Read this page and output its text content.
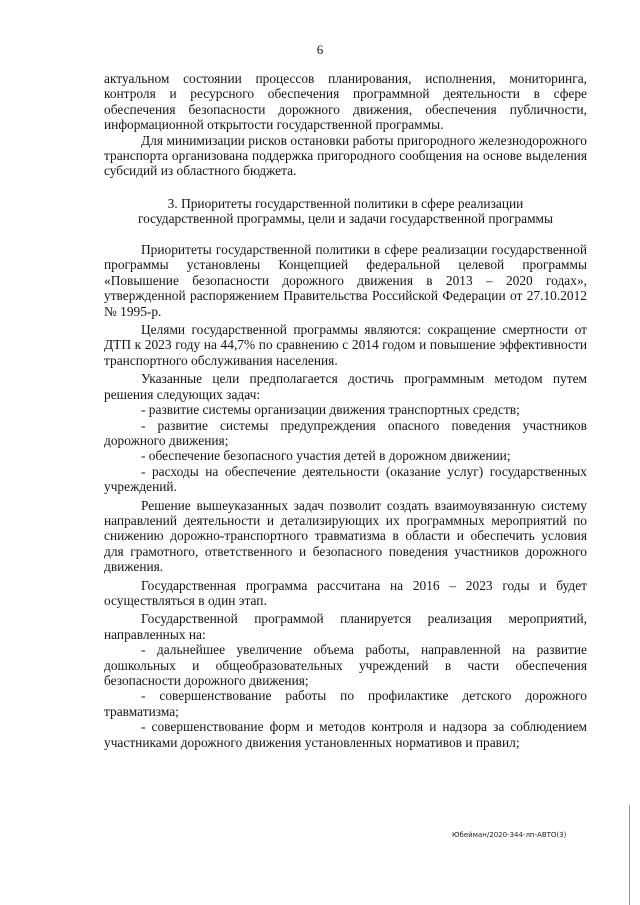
6

актуальном состоянии процессов планирования, исполнения, мониторинга, контроля и ресурсного обеспечения программной деятельности в сфере обеспечения безопасности дорожного движения, обеспечения публичности, информационной открытости государственной программы.

Для минимизации рисков остановки работы пригородного железнодорожного транспорта организована поддержка пригородного сообщения на основе выделения субсидий из областного бюджета.

3. Приоритеты государственной политики в сфере реализации
государственной программы, цели и задачи государственной программы

Приоритеты государственной политики в сфере реализации государственной программы установлены Концепцией федеральной целевой программы «Повышение безопасности дорожного движения в 2013 – 2020 годах», утвержденной распоряжением Правительства Российской Федерации от 27.10.2012 № 1995-р.

Целями государственной программы являются: сокращение смертности от ДТП к 2023 году на 44,7% по сравнению с 2014 годом и повышение эффективности транспортного обслуживания населения.

Указанные цели предполагается достичь программным методом путем решения следующих задач:

- развитие системы организации движения транспортных средств;

- развитие системы предупреждения опасного поведения участников дорожного движения;

- обеспечение безопасного участия детей в дорожном движении;

- расходы на обеспечение деятельности (оказание услуг) государственных учреждений.

Решение вышеуказанных задач позволит создать взаимоувязанную систему направлений деятельности и детализирующих их программных мероприятий по снижению дорожно-транспортного травматизма в области и обеспечить условия для грамотного, ответственного и безопасного поведения участников дорожного движения.

Государственная программа рассчитана на 2016 – 2023 годы и будет осуществляться в один этап.

Государственной программой планируется реализация мероприятий, направленных на:

- дальнейшее увеличение объема работы, направленной на развитие дошкольных и общеобразовательных учреждений в части обеспечения безопасности дорожного движения;

- совершенствование работы по профилактике детского дорожного травматизма;

- совершенствование форм и методов контроля и надзора за соблюдением участниками дорожного движения установленных нормативов и правил;

Юбейман/2020-344-лп-АВТО(3)
